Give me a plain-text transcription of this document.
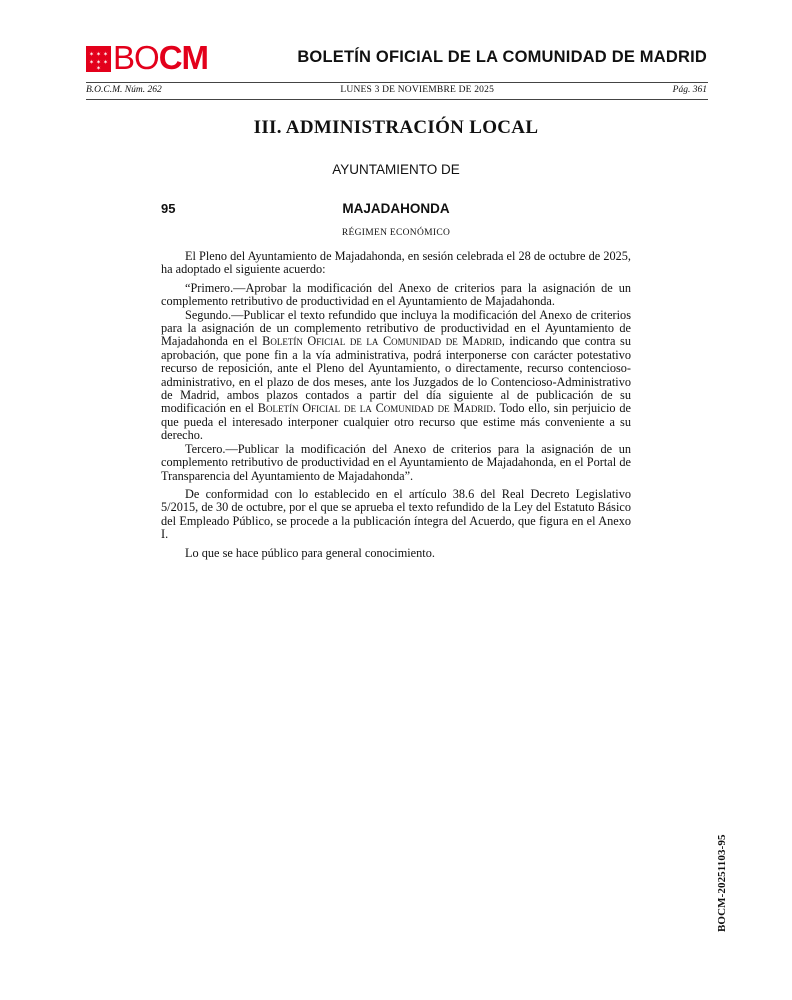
✶ ✶ ✶
✶ ✶ ✶
✶ BOCM	BOLETÍN OFICIAL DE LA COMUNIDAD DE MADRID
B.O.C.M. Núm. 262	LUNES 3 DE NOVIEMBRE DE 2025	Pág. 361
III. ADMINISTRACIÓN LOCAL
AYUNTAMIENTO DE
95	MAJADAHONDA
RÉGIMEN ECONÓMICO

El Pleno del Ayuntamiento de Majadahonda, en sesión celebrada el 28 de octubre de 2025, ha adoptado el siguiente acuerdo:

“Primero.—Aprobar la modificación del Anexo de criterios para la asignación de un complemento retributivo de productividad en el Ayuntamiento de Majadahonda.

Segundo.—Publicar el texto refundido que incluya la modificación del Anexo de criterios para la asignación de un complemento retributivo de productividad en el Ayuntamiento de Majadahonda en el Boletín Oficial de la Comunidad de Madrid, indicando que contra su aprobación, que pone fin a la vía administrativa, podrá interponerse con carácter potestativo recurso de reposición, ante el Pleno del Ayuntamiento, o directamente, recurso contencioso-administrativo, en el plazo de dos meses, ante los Juzgados de lo Contencioso-Administrativo de Madrid, ambos plazos contados a partir del día siguiente al de publicación de su modificación en el Boletín Oficial de la Comunidad de Madrid. Todo ello, sin perjuicio de que pueda el interesado interponer cualquier otro recurso que estime más conveniente a su derecho.

Tercero.—Publicar la modificación del Anexo de criterios para la asignación de un complemento retributivo de productividad en el Ayuntamiento de Majadahonda, en el Portal de Transparencia del Ayuntamiento de Majadahonda”.

De conformidad con lo establecido en el artículo 38.6 del Real Decreto Legislativo 5/2015, de 30 de octubre, por el que se aprueba el texto refundido de la Ley del Estatuto Básico del Empleado Público, se procede a la publicación íntegra del Acuerdo, que figura en el Anexo I.

Lo que se hace público para general conocimiento.

BOCM-20251103-95
